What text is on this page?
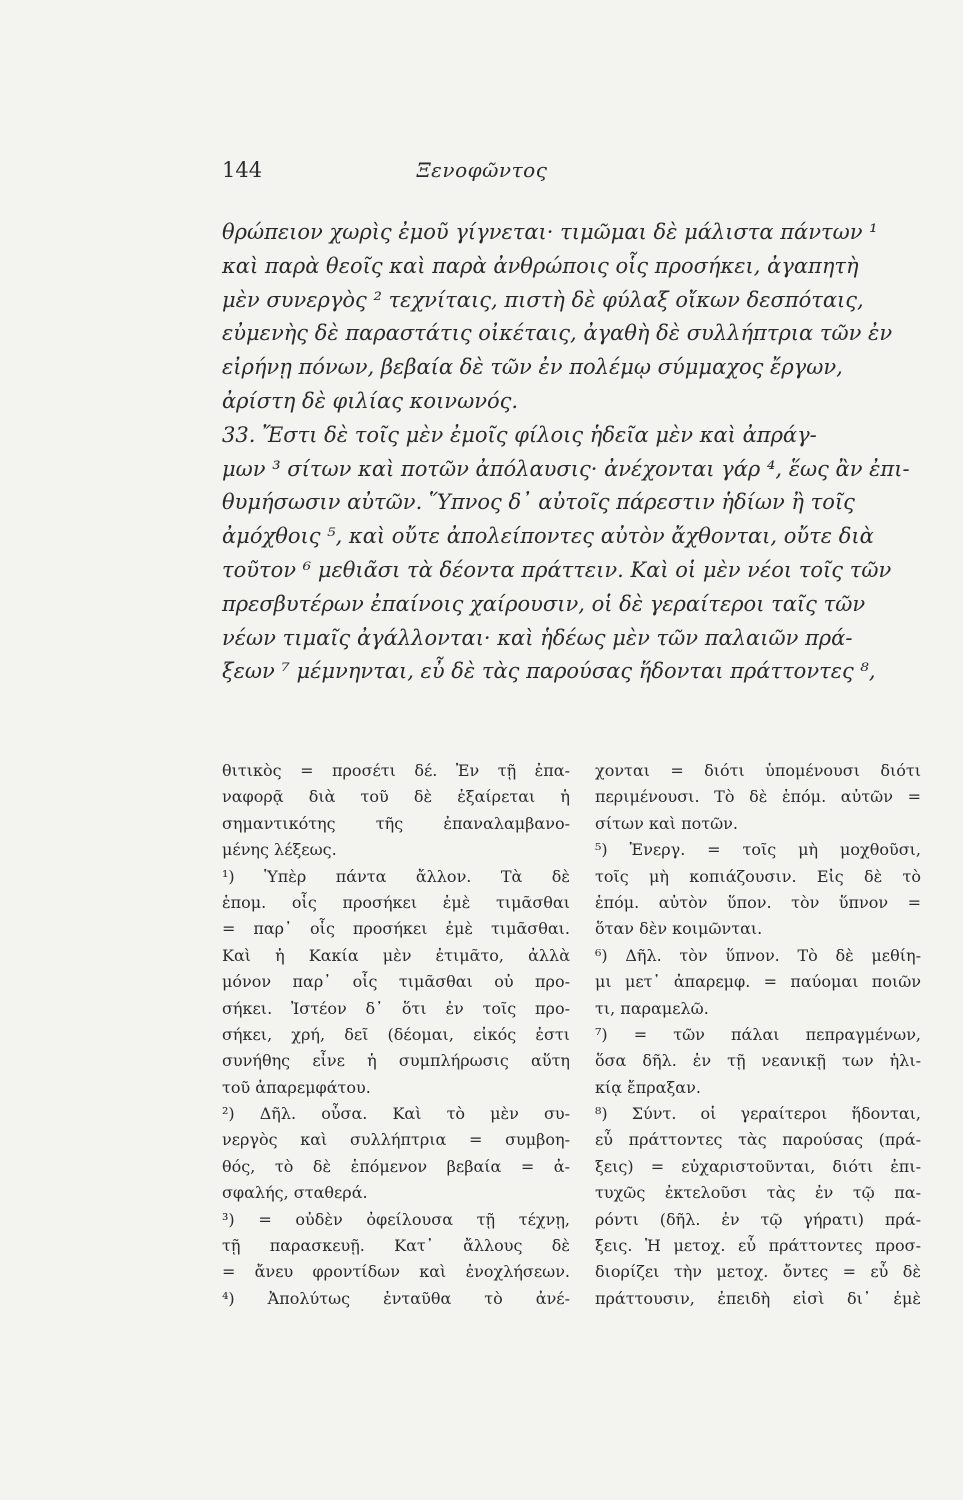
144	Ξενοφῶντος
θρώπειον χωρὶς ἐμοῦ γίγνεται· τιμῶμαι δὲ μάλιστα πάντων ¹
καὶ παρὰ θεοῖς καὶ παρὰ ἀνθρώποις οἷς προσήκει, ἀγαπητὴ
μὲν συνεργὸς ² τεχνίταις, πιστὴ δὲ φύλαξ οἴκων δεσπόταις,
εὐμενὴς δὲ παραστάτις οἰκέταις, ἀγαθὴ δὲ συλλήπτρια τῶν ἐν
εἰρήνῃ πόνων, βεβαία δὲ τῶν ἐν πολέμῳ σύμμαχος ἔργων,
ἀρίστη δὲ φιλίας κοινωνός.
33. Ἔστι δὲ τοῖς μὲν ἐμοῖς φίλοις ἡδεῖα μὲν καὶ ἀπράγ-
μων ³ σίτων καὶ ποτῶν ἀπόλαυσις· ἀνέχονται γάρ ⁴, ἕως ἂν ἐπι-
θυμήσωσιν αὐτῶν. Ὕπνος δ᾽ αὐτοῖς πάρεστιν ἡδίων ἢ τοῖς
ἀμόχθοις ⁵, καὶ οὔτε ἀπολείποντες αὐτὸν ἄχθονται, οὔτε διὰ
τοῦτον ⁶ μεθιᾶσι τὰ δέοντα πράττειν. Καὶ οἱ μὲν νέοι τοῖς τῶν
πρεσβυτέρων ἐπαίνοις χαίρουσιν, οἱ δὲ γεραίτεροι ταῖς τῶν
νέων τιμαῖς ἀγάλλονται· καὶ ἡδέως μὲν τῶν παλαιῶν πρά-
ξεων ⁷ μέμνηνται, εὖ δὲ τὰς παρούσας ἥδονται πράττοντες ⁸,
θιτικὸς = προσέτι δέ. Ἐν τῇ ἐπα-
ναφορᾷ διὰ τοῦ δὲ ἐξαίρεται ἡ
σημαντικότης τῆς ἐπαναλαμβανο-
μένης λέξεως.
¹) Ὑπὲρ πάντα ἄλλον. Τὰ δὲ
ἑπομ. οἷς προσήκει ἐμὲ τιμᾶσθαι
= παρ᾽ οἷς προσήκει ἐμὲ τιμᾶσθαι.
Καὶ ἡ Κακία μὲν ἐτιμᾶτο, ἀλλὰ
μόνον παρ᾽ οἷς τιμᾶσθαι οὐ προ-
σήκει. Ἰστέον δ᾽ ὅτι ἐν τοῖς προ-
σήκει, χρή, δεῖ (δέομαι, εἰκός ἐστι
συνήθης εἶνε ἡ συμπλήρωσις αὕτη
τοῦ ἀπαρεμφάτου.
²) Δῆλ. οὖσα. Καὶ τὸ μὲν συ-
νεργὸς καὶ συλλήπτρια = συμβοη-
θός, τὸ δὲ ἑπόμενον βεβαία = ἀ-
σφαλής, σταθερά.
³) = οὐδὲν ὀφείλουσα τῇ τέχνῃ,
τῇ παρασκευῇ. Κατ᾽ ἄλλους δὲ
= ἄνευ φροντίδων καὶ ἐνοχλήσεων.
⁴) Ἀπολύτως ἐνταῦθα τὸ ἀνέ-
χονται = διότι ὑπομένουσι διότι
περιμένουσι. Τὸ δὲ ἑπόμ. αὐτῶν =
σίτων καὶ ποτῶν.
⁵) Ἐνεργ. = τοῖς μὴ μοχθοῦσι,
τοῖς μὴ κοπιάζουσιν. Εἰς δὲ τὸ
ἑπόμ. αὐτὸν ὕπον. τὸν ὕπνον =
ὅταν δὲν κοιμῶνται.
⁶) Δῆλ. τὸν ὕπνον. Τὸ δὲ μεθίη-
μι μετ᾽ ἀπαρεμφ. = παύομαι ποιῶν
τι, παραμελῶ.
⁷) = τῶν πάλαι πεπραγμένων,
ὅσα δῆλ. ἐν τῇ νεανικῇ των ἡλι-
κίᾳ ἔπραξαν.
⁸) Σύντ. οἱ γεραίτεροι ἥδονται,
εὖ πράττοντες τὰς παρούσας (πρά-
ξεις) = εὐχαριστοῦνται, διότι ἐπι-
τυχῶς ἐκτελοῦσι τὰς ἐν τῷ πα-
ρόντι (δῆλ. ἐν τῷ γήρατι) πρά-
ξεις. Ἡ μετοχ. εὖ πράττοντες προσ-
διορίζει τὴν μετοχ. ὄντες = εὖ δὲ
πράττουσιν, ἐπειδὴ εἰσὶ δι᾽ ἐμὲ
